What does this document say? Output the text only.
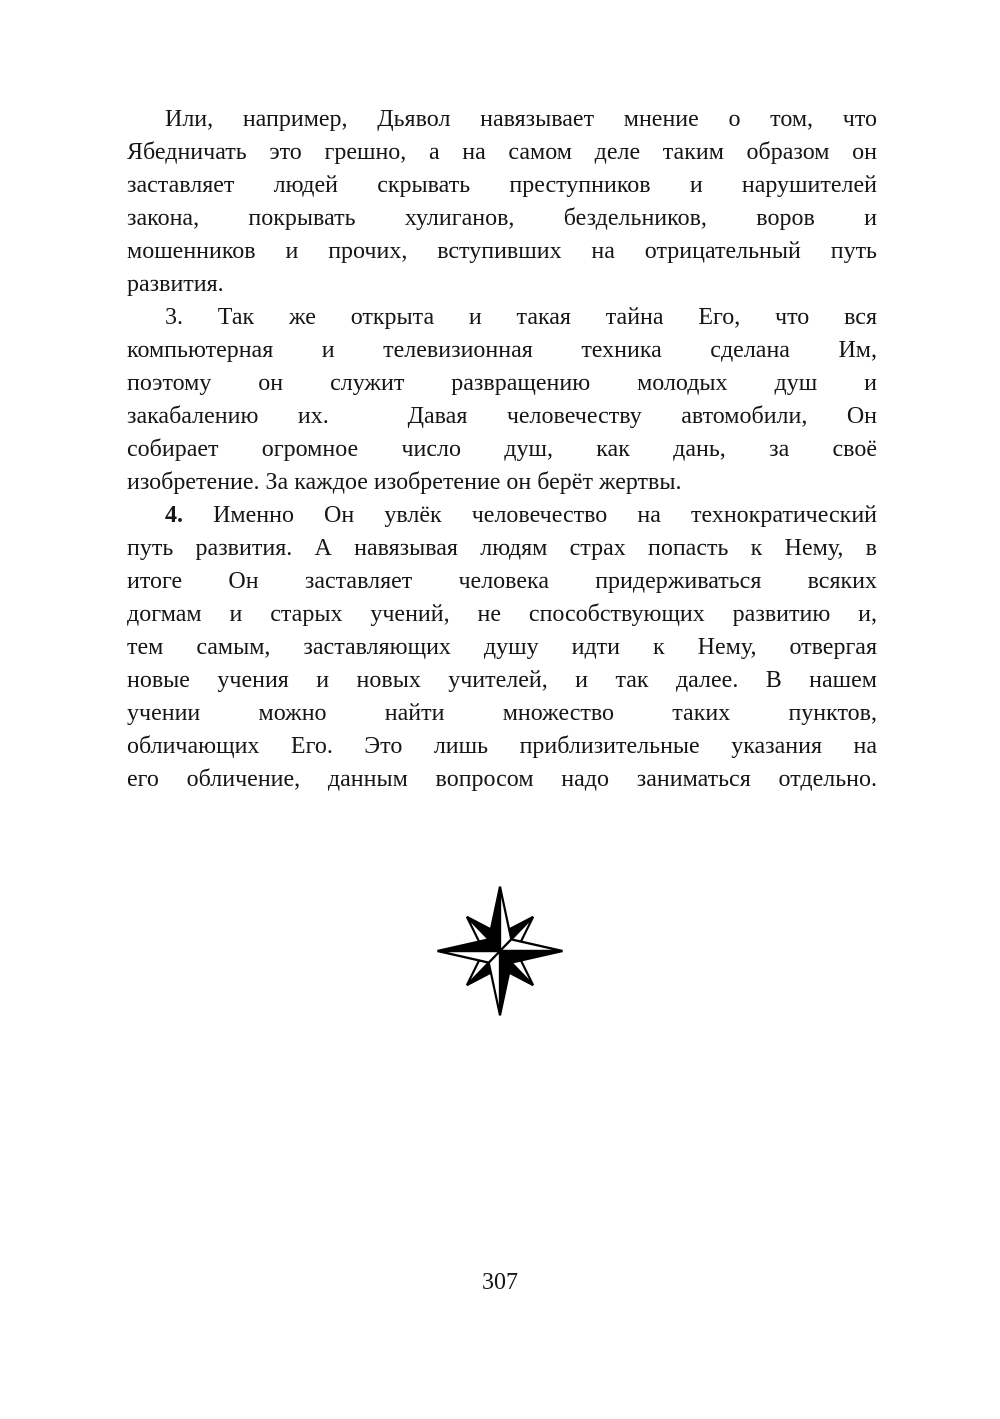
Или, например, Дьявол навязывает мнение о том, что
Ябедничать это грешно, а на самом деле таким образом он
заставляет людей скрывать преступников и нарушителей
закона, покрывать хулиганов, бездельников, воров и
мошенников и прочих, вступивших на отрицательный путь
развития.
3. Так же открыта и такая тайна Его, что вся
компьютерная и телевизионная техника сделана Им,
поэтому он служит развращению молодых душ и
закабалению их.  Давая человечеству автомобили, Он
собирает огромное число душ, как дань, за своё
изобретение. За каждое изобретение он берёт жертвы.
4. Именно Он увлёк человечество на технократический
путь развития. А навязывая людям страх попасть к Нему, в
итоге Он заставляет человека придерживаться всяких
догмам и старых учений, не способствующих развитию и,
тем самым, заставляющих душу идти к Нему, отвергая
новые учения и новых учителей, и так далее. В нашем
учении можно найти множество таких пунктов,
обличающих Его. Это лишь приблизительные указания на
его обличение, данным вопросом надо заниматься отдельно.
307
